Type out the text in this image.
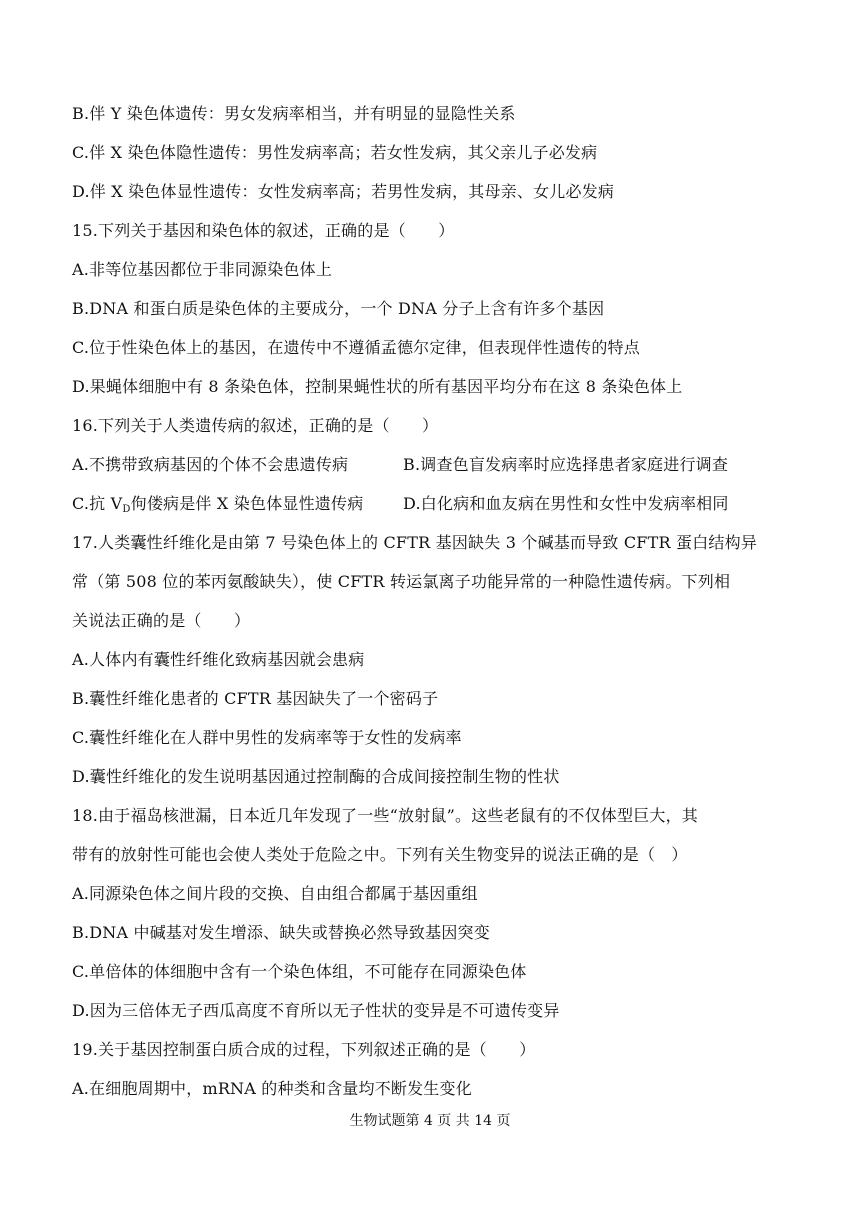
B.伴 Y 染色体遗传：男女发病率相当，并有明显的显隐性关系
C.伴 X 染色体隐性遗传：男性发病率高；若女性发病，其父亲儿子必发病
D.伴 X 染色体显性遗传：女性发病率高；若男性发病，其母亲、女儿必发病
15.下列关于基因和染色体的叙述，正确的是（　　）
A.非等位基因都位于非同源染色体上
B.DNA 和蛋白质是染色体的主要成分，一个 DNA 分子上含有许多个基因
C.位于性染色体上的基因，在遗传中不遵循孟德尔定律，但表现伴性遗传的特点
D.果蝇体细胞中有 8 条染色体，控制果蝇性状的所有基因平均分布在这 8 条染色体上
16.下列关于人类遗传病的叙述，正确的是（　　）
A.不携带致病基因的个体不会患遗传病	B.调查色盲发病率时应选择患者家庭进行调查
C.抗 $V_D$佝偻病是伴 X 染色体显性遗传病 D.白化病和血友病在男性和女性中发病率相同
17.人类囊性纤维化是由第 7 号染色体上的 CFTR 基因缺失 3 个碱基而导致 CFTR 蛋白结构异
常（第 508 位的苯丙氨酸缺失），使 CFTR 转运氯离子功能异常的一种隐性遗传病。下列相
关说法正确的是（　　）
A.人体内有囊性纤维化致病基因就会患病
B.囊性纤维化患者的 CFTR 基因缺失了一个密码子
C.囊性纤维化在人群中男性的发病率等于女性的发病率
D.囊性纤维化的发生说明基因通过控制酶的合成间接控制生物的性状
18.由于福岛核泄漏，日本近几年发现了一些“放射鼠”。这些老鼠有的不仅体型巨大，其
带有的放射性可能也会使人类处于危险之中。下列有关生物变异的说法正确的是（　）
A.同源染色体之间片段的交换、自由组合都属于基因重组
B.DNA 中碱基对发生增添、缺失或替换必然导致基因突变
C.单倍体的体细胞中含有一个染色体组，不可能存在同源染色体
D.因为三倍体无子西瓜高度不育所以无子性状的变异是不可遗传变异
19.关于基因控制蛋白质合成的过程，下列叙述正确的是（　　）
A.在细胞周期中，mRNA 的种类和含量均不断发生变化
生物试题第 4 页 共 14 页
